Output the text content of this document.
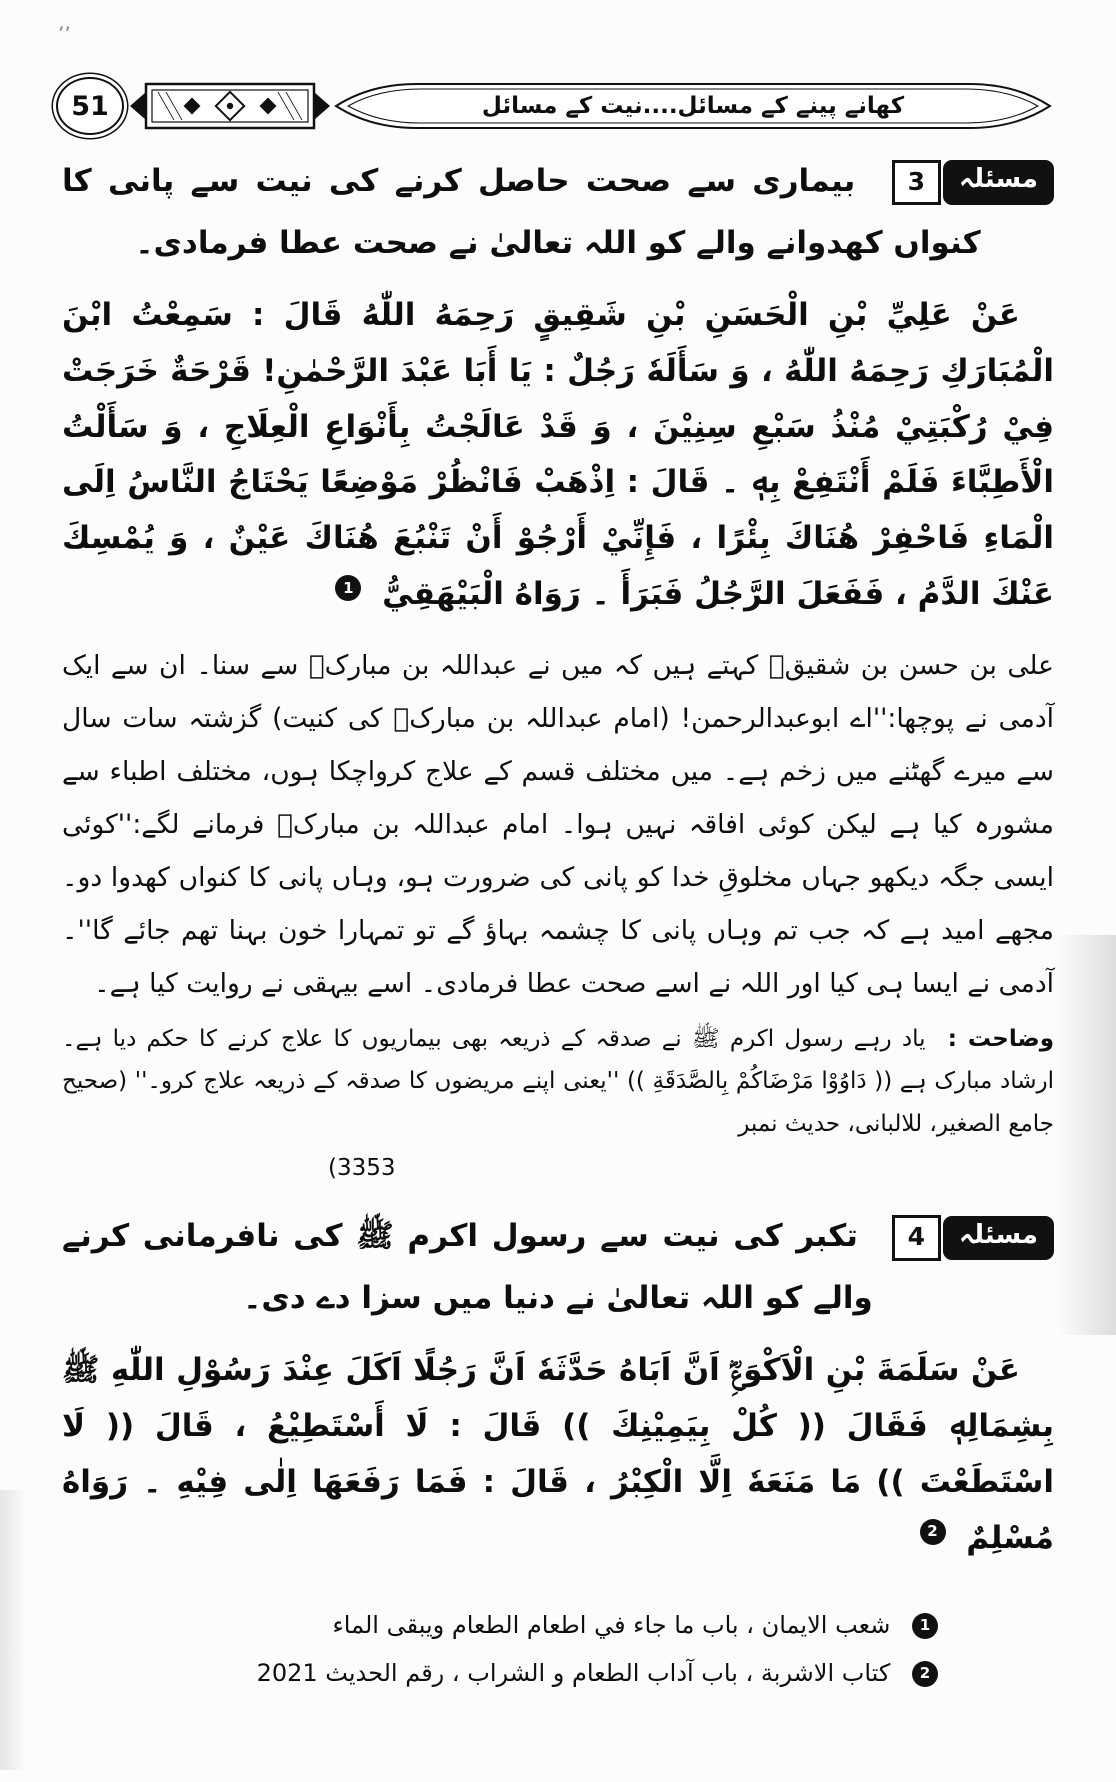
٬٬
51	کھانے پینے کے مسائل....نیت کے مسائل

مسئلہ
3
بیماری سے صحت حاصل کرنے کی نیت سے پانی کا کنواں کھدوانے والے کو اللہ تعالیٰ نے صحت عطا فرمادی۔

عَنْ عَلِيِّ بْنِ الْحَسَنِ بْنِ شَقِيقٍ رَحِمَهُ اللّٰهُ قَالَ : سَمِعْتُ ابْنَ الْمُبَارَكِ رَحِمَهُ اللّٰهُ ، وَ سَأَلَهٗ رَجُلٌ : يَا أَبَا عَبْدَ الرَّحْمٰنِ! قَرْحَةٌ خَرَجَتْ فِيْ رُكْبَتِيْ مُنْذُ سَبْعِ سِنِيْنَ ، وَ قَدْ عَالَجْتُ بِأَنْوَاعِ الْعِلَاجِ ، وَ سَأَلْتُ الْأَطِبَّاءَ فَلَمْ أَنْتَفِعْ بِهٖ ۔ قَالَ : اِذْهَبْ فَانْظُرْ مَوْضِعًا يَحْتَاجُ النَّاسُ اِلَى الْمَاءِ فَاحْفِرْ هُنَاكَ بِئْرًا ، فَإِنِّيْ أَرْجُوْ أَنْ تَنْبُعَ هُنَاكَ عَيْنٌ ، وَ يُمْسِكَ عَنْكَ الدَّمُ ، فَفَعَلَ الرَّجُلُ فَبَرَأَ ۔ رَوَاهُ الْبَيْهَقِيُّ 1

علی بن حسن بن شقیقؒ کہتے ہیں کہ میں نے عبداللہ بن مبارکؒ سے سنا۔ ان سے ایک آدمی نے پوچھا:''اے ابوعبدالرحمن! (امام عبداللہ بن مبارکؒ کی کنیت) گزشتہ سات سال سے میرے گھٹنے میں زخم ہے۔ میں مختلف قسم کے علاج کرواچکا ہوں، مختلف اطباء سے مشورہ کیا ہے لیکن کوئی افاقہ نہیں ہوا۔ امام عبداللہ بن مبارکؒ فرمانے لگے:''کوئی ایسی جگہ دیکھو جہاں مخلوقِ خدا کو پانی کی ضرورت ہو، وہاں پانی کا کنواں کھدوا دو۔ مجھے امید ہے کہ جب تم وہاں پانی کا چشمہ بہاؤ گے تو تمہارا خون بہنا تھم جائے گا''۔ آدمی نے ایسا ہی کیا اور اللہ نے اسے صحت عطا فرمادی۔ اسے بیہقی نے روایت کیا ہے۔

وضاحت : یاد رہے رسول اکرم ﷺ نے صدقہ کے ذریعہ بھی بیماریوں کا علاج کرنے کا حکم دیا ہے۔ ارشاد مبارک ہے (( دَاوُوْا مَرْضَاكُمْ بِالصَّدَقَةِ )) ''یعنی اپنے مریضوں کا صدقہ کے ذریعہ علاج کرو۔'' (صحیح جامع الصغیر، للالبانی، حدیث نمبر

(3353

مسئلہ
4
تکبر کی نیت سے رسول اکرم ﷺ کی نافرمانی کرنے والے کو اللہ تعالیٰ نے دنیا میں سزا دے دی۔

عَنْ سَلَمَةَ بْنِ الْاَكْوَعِؓ اَنَّ اَبَاهُ حَدَّثَهٗ اَنَّ رَجُلًا اَكَلَ عِنْدَ رَسُوْلِ اللّٰهِ ﷺ بِشِمَالِهٖ فَقَالَ (( كُلْ بِيَمِيْنِكَ )) قَالَ : لَا أَسْتَطِيْعُ ، قَالَ (( لَا اسْتَطَعْتَ )) مَا مَنَعَهٗ اِلَّا الْكِبْرُ ، قَالَ : فَمَا رَفَعَهَا اِلٰى فِيْهِ ۔ رَوَاهُ مُسْلِمٌ 2

1 شعب الايمان ، باب ما جاء في اطعام الطعام ويبقى الماء

2 كتاب الاشربة ، باب آداب الطعام و الشراب ، رقم الحديث 2021
